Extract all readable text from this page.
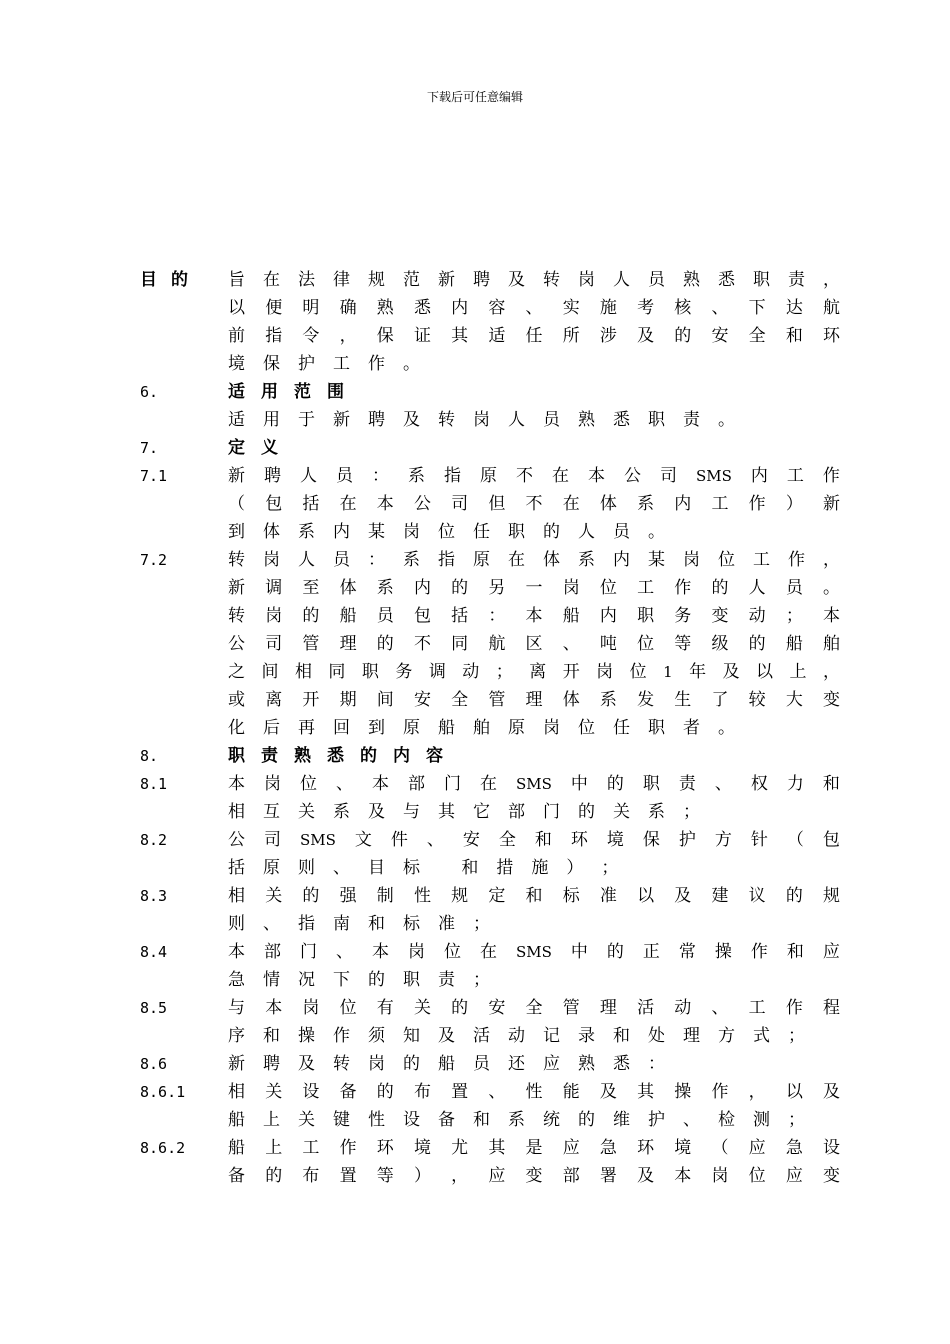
下载后可任意编辑
目的	旨 在 法 律 规 范 新 聘 及 转 岗 人 员 熟 悉 职 责 ，
以 便 明 确 熟 悉 内 容 、 实 施 考 核 、 下 达 航
前 指 令 ， 保 证 其 适 任 所 涉 及 的 安 全 和 环
境 保 护 工 作 。
6.	适 用 范 围
适 用 于 新 聘 及 转 岗 人 员 熟 悉 职 责 。
7.	定 义
7.1	新 聘 人 员 ： 系 指 原 不 在 本 公 司 SMS 内 工 作
（ 包 括 在 本 公 司 但 不 在 体 系 内 工 作 ） 新
到 体 系 内 某 岗 位 任 职 的 人 员 。
7.2	转 岗 人 员 ： 系 指 原 在 体 系 内 某 岗 位 工 作 ，
新 调 至 体 系 内 的 另 一 岗 位 工 作 的 人 员 。
转 岗 的 船 员 包 括 ： 本 船 内 职 务 变 动 ； 本
公 司 管 理 的 不 同 航 区 、 吨 位 等 级 的 船 舶
之 间 相 同 职 务 调 动 ； 离 开 岗 位 1 年 及 以 上 ，
或 离 开 期 间 安 全 管 理 体 系 发 生 了 较 大 变
化 后 再 回 到 原 船 舶 原 岗 位 任 职 者 。
8.	职 责 熟 悉 的 内 容
8.1	本 岗 位 、 本 部 门 在 SMS 中 的 职 责 、 权 力 和
相 互 关 系 及 与 其 它 部 门 的 关 系 ；
8.2	公 司 SMS 文 件 、 安 全 和 环 境 保 护 方 针 （ 包
括 原 则 、 目 标
和 措 施 ） ；
8.3	相 关 的 强 制 性 规 定 和 标 准 以 及 建 议 的 规
则 、 指 南 和 标 准 ；
8.4	本 部 门 、 本 岗 位 在 SMS 中 的 正 常 操 作 和 应
急 情 况 下 的 职 责 ；
8.5	与 本 岗 位 有 关 的 安 全 管 理 活 动 、 工 作 程
序 和 操 作 须 知 及 活 动 记 录 和 处 理 方 式 ；
8.6	新 聘 及 转 岗 的 船 员 还 应 熟 悉 ：
8.6.1	相 关 设 备 的 布 置 、 性 能 及 其 操 作 ， 以 及
船 上 关 键 性 设 备 和 系 统 的 维 护 、 检 测 ；
8.6.2	船 上 工 作 环 境 尤 其 是 应 急 环 境 （ 应 急 设
备 的 布 置 等 ） ， 应 变 部 署 及 本 岗 位 应 变
